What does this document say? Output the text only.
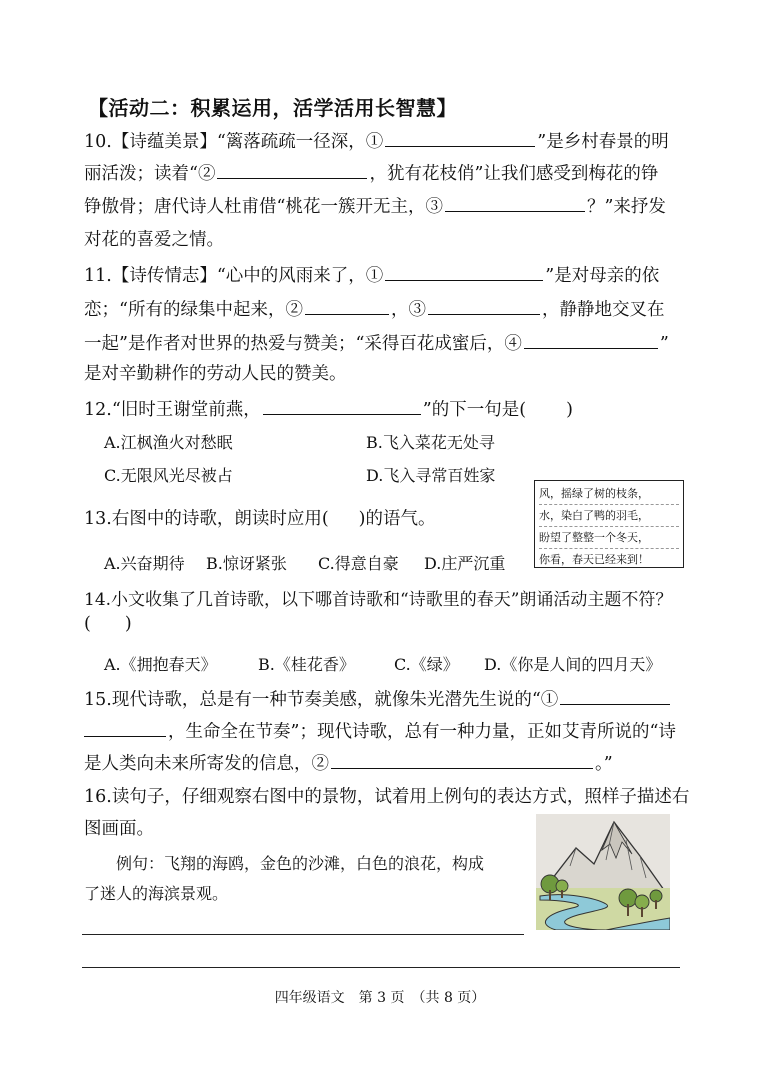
【活动二：积累运用，活学活用长智慧】
10.【诗蕴美景】“篱落疏疏一径深，①	”是乡村春景的明
丽活泼；读着“②	，犹有花枝俏”让我们感受到梅花的铮
铮傲骨；唐代诗人杜甫借“桃花一簇开无主，③	？”来抒发
对花的喜爱之情。
11.【诗传情志】“心中的风雨来了，①	”是对母亲的依
恋；“所有的绿集中起来，②	，③	，静静地交叉在
一起”是作者对世界的热爱与赞美；“采得百花成蜜后，④	”
是对辛勤耕作的劳动人民的赞美。
12.“旧时王谢堂前燕，	”的下一句是( )
A.江枫渔火对愁眠	B.飞入菜花无处寻
C.无限风光尽被占	D.飞入寻常百姓家
13.右图中的诗歌，朗读时应用( )的语气。
风，摇绿了树的枝条，
水，染白了鸭的羽毛，
盼望了整整一个冬天，
你看，春天已经来到！
A.兴奋期待 B.惊讶紧张 C.得意自豪 D.庄严沉重
14.小文收集了几首诗歌，以下哪首诗歌和“诗歌里的春天”朗诵活动主题不符？
( )
A.《拥抱春天》	B.《桂花香》 C.《绿》 D.《你是人间的四月天》
15.现代诗歌，总是有一种节奏美感，就像朱光潜先生说的“①
，生命全在节奏”；现代诗歌，总有一种力量，正如艾青所说的“诗
是人类向未来所寄发的信息，②	。”
16.读句子，仔细观察右图中的景物，试着用上例句的表达方式，照样子描述右
图画面。
例句：飞翔的海鸥，金色的沙滩，白色的浪花，构成
了迷人的海滨景观。
四年级语文　第 3 页　（共 8 页）
